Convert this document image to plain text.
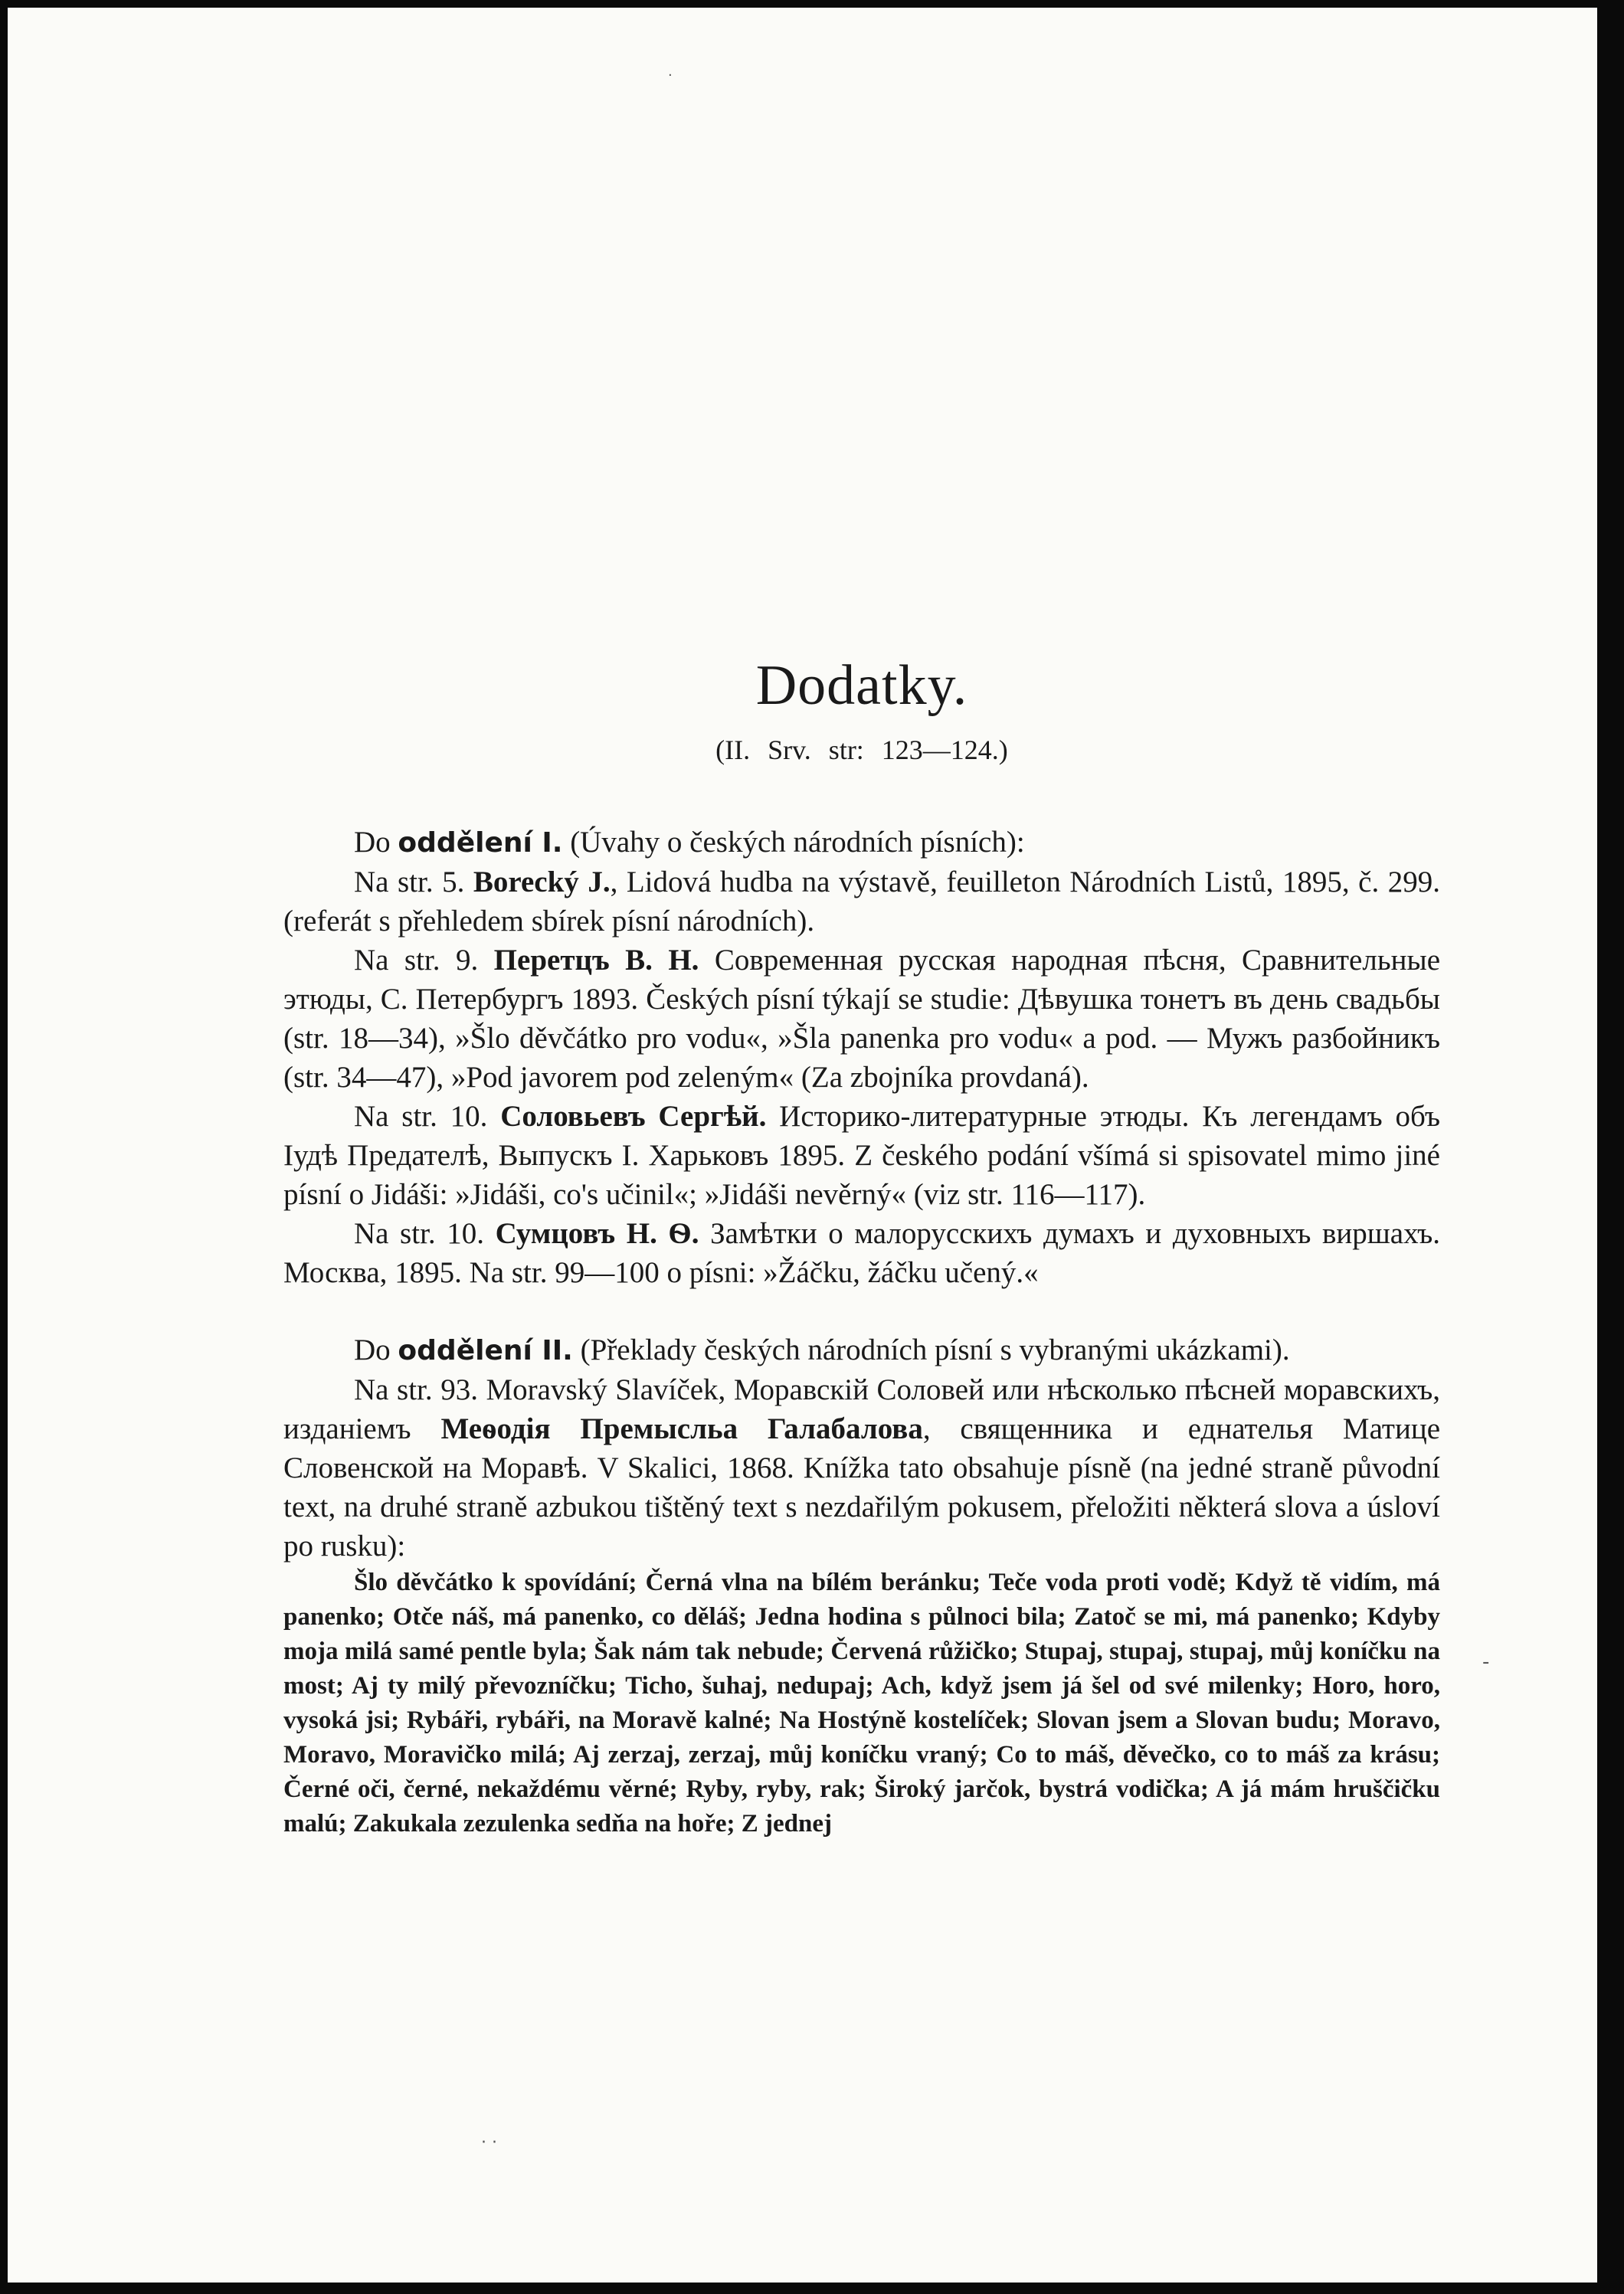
·
-
· ·
Dodatky.
(II. Srv. str: 123—124.)

Do oddělení I. (Úvahy o českých národních písních):

Na str. 5. Borecký J., Lidová hudba na výstavě, feuilleton Národních Listů, 1895, č. 299. (referát s přehledem sbírek písní národních).

Na str. 9. Перетцъ В. Н. Современная русская народная пѣсня, Сравнительные этюды, С. Петербургъ 1893. Českých písní týkají se studie: Дѣвушка тонетъ въ день свадьбы (str. 18—34), »Šlo děvčátko pro vodu«, »Šla panenka pro vodu« a pod. — Мужъ разбойникъ (str. 34—47), »Pod javorem pod zeleným« (Za zbojníka provdaná).

Na str. 10. Соловьевъ Сергѣй. Историко-литературные этюды. Къ легендамъ объ Іудѣ Предателѣ, Выпускъ I. Харьковъ 1895. Z českého podání všímá si spisovatel mimo jiné písní o Jidáši: »Jidáši, co's učinil«; »Jidáši nevěrný« (viz str. 116—117).

Na str. 10. Сумцовъ Н. Ѳ. Замѣтки о малорусскихъ думахъ и духовныхъ виршахъ. Москва, 1895. Na str. 99—100 o písni: »Žáčku, žáčku učený.«

Do oddělení II. (Překlady českých národních písní s vybranými ukázkami).

Na str. 93. Moravský Slavíček, Моравскій Соловей или нѣсколько пѣсней моравскихъ, изданіемъ Меѳодія Премысльа Галабалова, священника и еднателья Матице Словенской на Моравѣ. V Skalici, 1868. Knížka tato obsahuje písně (na jedné straně původní text, na druhé straně azbukou tištěný text s nezdařilým pokusem, přeložiti některá slova a úsloví po rusku):

Šlo děvčátko k spovídání; Černá vlna na bílém beránku; Teče voda proti vodě; Když tě vidím, má panenko; Otče náš, má panenko, co děláš; Jedna hodina s půlnoci bila; Zatoč se mi, má panenko; Kdyby moja milá samé pentle byla; Šak nám tak nebude; Červená růžičko; Stupaj, stupaj, stupaj, můj koníčku na most; Aj ty milý převozníčku; Ticho, šuhaj, nedupaj; Ach, když jsem já šel od své milenky; Horo, horo, vysoká jsi; Rybáři, rybáři, na Moravě kalné; Na Hostýně kostelíček; Slovan jsem a Slovan budu; Moravo, Moravo, Moravičko milá; Aj zerzaj, zerzaj, můj koníčku vraný; Co to máš, děvečko, co to máš za krásu; Černé oči, černé, nekaždému věrné; Ryby, ryby, rak; Široký jarčok, bystrá vodička; A já mám hruščičku malú; Zakukala zezulenka sedňa na hoře; Z jednej
